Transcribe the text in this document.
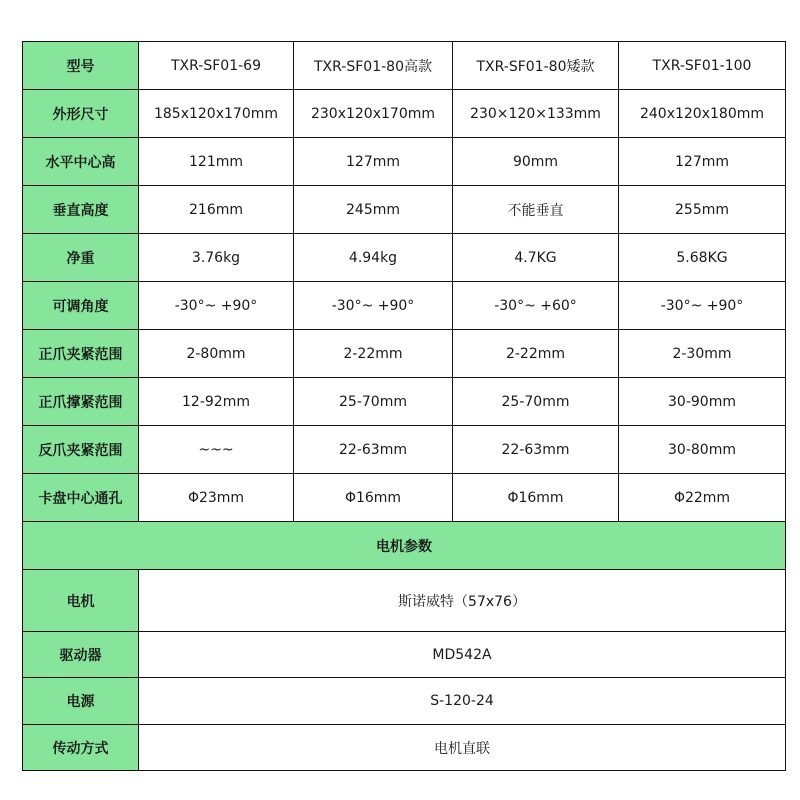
型号	TXR-SF01-69	TXR-SF01-80高款	TXR-SF01-80矮款	TXR-SF01-100
外形尺寸	185x120x170mm	230x120x170mm	230×120×133mm	240x120x180mm
水平中心高	121mm	127mm	90mm	127mm
垂直高度	216mm	245mm	不能垂直	255mm
净重	3.76kg	4.94kg	4.7KG	5.68KG
可调角度	-30°~ +90°	-30°~ +90°	-30°~ +60°	-30°~ +90°
正爪夹紧范围	2-80mm	2-22mm	2-22mm	2-30mm
正爪撑紧范围	12-92mm	25-70mm	25-70mm	30-90mm
反爪夹紧范围	~~~	22-63mm	22-63mm	30-80mm
卡盘中心通孔	Φ23mm	Φ16mm	Φ16mm	Φ22mm
电机参数				
电机	斯诺威特（57x76）			
驱动器	MD542A			
电源	S-120-24			
传动方式	电机直联			
